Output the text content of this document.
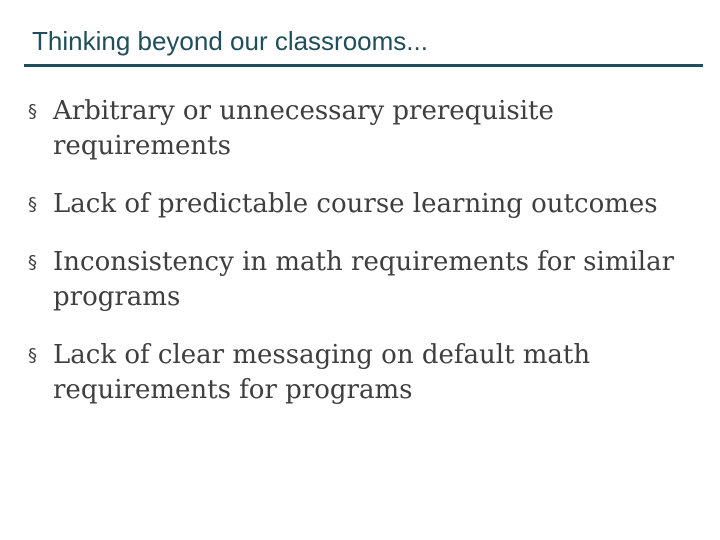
Thinking beyond our classrooms...
§ Arbitrary or unnecessary prerequisite requirements
§ Lack of predictable course learning outcomes
§ Inconsistency in math requirements for similar programs
§ Lack of clear messaging on default math requirements for programs
